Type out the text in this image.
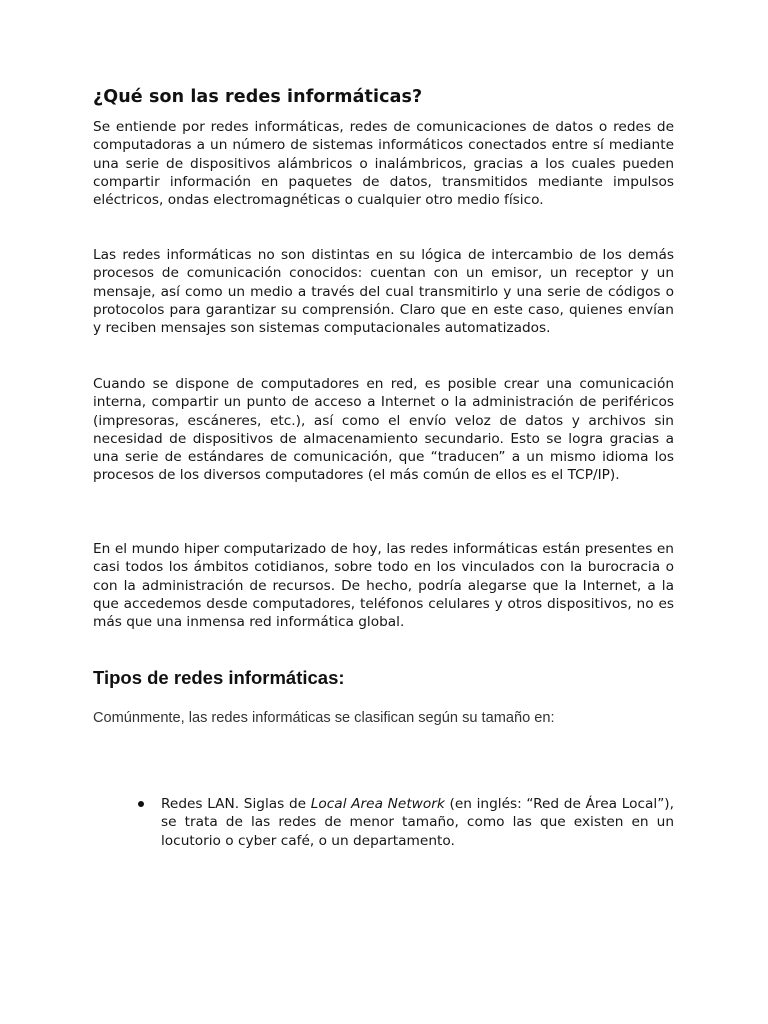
¿Qué son las redes informáticas?

Se entiende por redes informáticas, redes de comunicaciones de datos o redes de computadoras a un número de sistemas informáticos conectados entre sí mediante una serie de dispositivos alámbricos o inalámbricos, gracias a los cuales pueden compartir información en paquetes de datos, transmitidos mediante impulsos eléctricos, ondas electromagnéticas o cualquier otro medio físico.

Las redes informáticas no son distintas en su lógica de intercambio de los demás procesos de comunicación conocidos: cuentan con un emisor, un receptor y un mensaje, así como un medio a través del cual transmitirlo y una serie de códigos o protocolos para garantizar su comprensión. Claro que en este caso, quienes envían y reciben mensajes son sistemas computacionales automatizados.

Cuando se dispone de computadores en red, es posible crear una comunicación interna, compartir un punto de acceso a Internet o la administración de periféricos (impresoras, escáneres, etc.), así como el envío veloz de datos y archivos sin necesidad de dispositivos de almacenamiento secundario. Esto se logra gracias a una serie de estándares de comunicación, que “traducen” a un mismo idioma los procesos de los diversos computadores (el más común de ellos es el TCP/IP).

En el mundo hiper computarizado de hoy, las redes informáticas están presentes en casi todos los ámbitos cotidianos, sobre todo en los vinculados con la burocracia o con la administración de recursos. De hecho, podría alegarse que la Internet, a la que accedemos desde computadores, teléfonos celulares y otros dispositivos, no es más que una inmensa red informática global.

Tipos de redes informáticas:

Comúnmente, las redes informáticas se clasifican según su tamaño en:

Redes LAN. Siglas de Local Area Network (en inglés: “Red de Área Local”), se trata de las redes de menor tamaño, como las que existen en un locutorio o cyber café, o un departamento.
